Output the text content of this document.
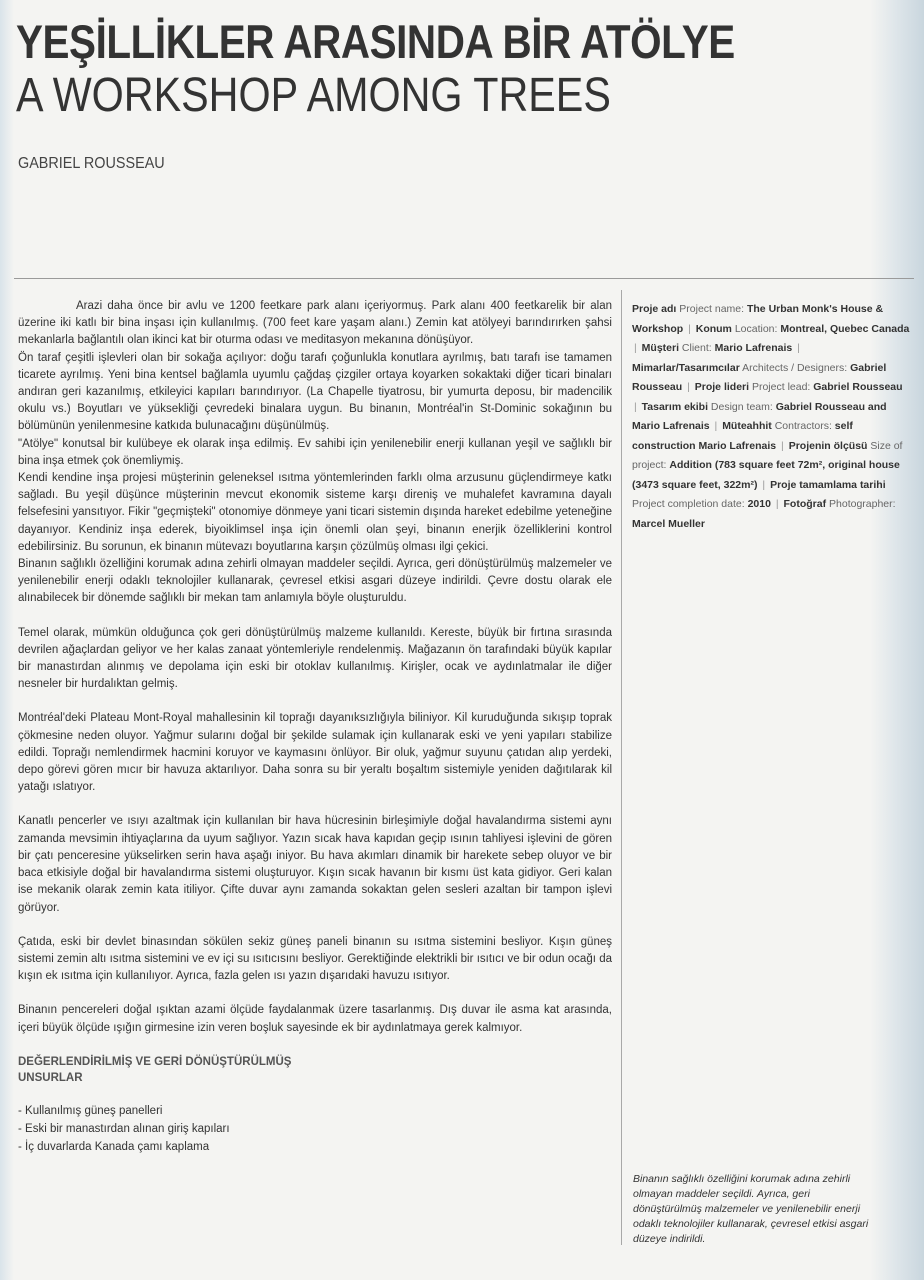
YEŞİLLİKLER ARASINDA BİR ATÖLYE
A WORKSHOP AMONG TREES
GABRIEL ROUSSEAU

Arazi daha önce bir avlu ve 1200 feetkare park alanı içeriyormuş. Park alanı 400 feetkarelik bir alan üzerine iki katlı bir bina inşası için kullanılmış. (700 feet kare yaşam alanı.) Zemin kat atölyeyi barındırırken şahsi mekanlarla bağlantılı olan ikinci kat bir oturma odası ve meditasyon mekanına dönüşüyor.

Ön taraf çeşitli işlevleri olan bir sokağa açılıyor: doğu tarafı çoğunlukla konutlara ayrılmış, batı tarafı ise tamamen ticarete ayrılmış. Yeni bina kentsel bağlamla uyumlu çağdaş çizgiler ortaya koyarken sokaktaki diğer ticari binaları andıran geri kazanılmış, etkileyici kapıları barındırıyor. (La Chapelle tiyatrosu, bir yumurta deposu, bir madencilik okulu vs.) Boyutları ve yüksekliği çevredeki binalara uygun. Bu binanın, Montréal'in St-Dominic sokağının bu bölümünün yenilenmesine katkıda bulunacağını düşünülmüş.

"Atölye" konutsal bir kulübeye ek olarak inşa edilmiş. Ev sahibi için yenilenebilir enerji kullanan yeşil ve sağlıklı bir bina inşa etmek çok önemliymiş.

Kendi kendine inşa projesi müşterinin geleneksel ısıtma yöntemlerinden farklı olma arzusunu güçlendirmeye katkı sağladı. Bu yeşil düşünce müşterinin mevcut ekonomik sisteme karşı direniş ve muhalefet kavramına dayalı felsefesini yansıtıyor. Fikir "geçmişteki" otonomiye dönmeye yani ticari sistemin dışında hareket edebilme yeteneğine dayanıyor. Kendiniz inşa ederek, biyoiklimsel inşa için önemli olan şeyi, binanın enerjik özelliklerini kontrol edebilirsiniz. Bu sorunun, ek binanın mütevazı boyutlarına karşın çözülmüş olması ilgi çekici.

Binanın sağlıklı özelliğini korumak adına zehirli olmayan maddeler seçildi. Ayrıca, geri dönüştürülmüş malzemeler ve yenilenebilir enerji odaklı teknolojiler kullanarak, çevresel etkisi asgari düzeye indirildi. Çevre dostu olarak ele alınabilecek bir dönemde sağlıklı bir mekan tam anlamıyla böyle oluşturuldu.

Temel olarak, mümkün olduğunca çok geri dönüştürülmüş malzeme kullanıldı. Kereste, büyük bir fırtına sırasında devrilen ağaçlardan geliyor ve her kalas zanaat yöntemleriyle rendelenmiş. Mağazanın ön tarafındaki büyük kapılar bir manastırdan alınmış ve depolama için eski bir otoklav kullanılmış. Kirişler, ocak ve aydınlatmalar ile diğer nesneler bir hurdalıktan gelmiş.

Montréal'deki Plateau Mont-Royal mahallesinin kil toprağı dayanıksızlığıyla biliniyor. Kil kuruduğunda sıkışıp toprak çökmesine neden oluyor. Yağmur sularını doğal bir şekilde sulamak için kullanarak eski ve yeni yapıları stabilize edildi. Toprağı nemlendirmek hacmini koruyor ve kaymasını önlüyor. Bir oluk, yağmur suyunu çatıdan alıp yerdeki, depo görevi gören mıcır bir havuza aktarılıyor. Daha sonra su bir yeraltı boşaltım sistemiyle yeniden dağıtılarak kil yatağı ıslatıyor.

Kanatlı pencerler ve ısıyı azaltmak için kullanılan bir hava hücresinin birleşimiyle doğal havalandırma sistemi aynı zamanda mevsimin ihtiyaçlarına da uyum sağlıyor. Yazın sıcak hava kapıdan geçip ısının tahliyesi işlevini de gören bir çatı penceresine yükselirken serin hava aşağı iniyor. Bu hava akımları dinamik bir harekete sebep oluyor ve bir baca etkisiyle doğal bir havalandırma sistemi oluşturuyor. Kışın sıcak havanın bir kısmı üst kata gidiyor. Geri kalan ise mekanik olarak zemin kata itiliyor. Çifte duvar aynı zamanda sokaktan gelen sesleri azaltan bir tampon işlevi görüyor.

Çatıda, eski bir devlet binasından sökülen sekiz güneş paneli binanın su ısıtma sistemini besliyor. Kışın güneş sistemi zemin altı ısıtma sistemini ve ev içi su ısıtıcısını besliyor. Gerektiğinde elektrikli bir ısıtıcı ve bir odun ocağı da kışın ek ısıtma için kullanılıyor. Ayrıca, fazla gelen ısı yazın dışarıdaki havuzu ısıtıyor.

Binanın pencereleri doğal ışıktan azami ölçüde faydalanmak üzere tasarlanmış. Dış duvar ile asma kat arasında, içeri büyük ölçüde ışığın girmesine izin veren boşluk sayesinde ek bir aydınlatmaya gerek kalmıyor.

DEĞERLENDİRİLMİŞ VE GERİ DÖNÜŞTÜRÜLMÜŞ
UNSURLAR
- Kullanılmış güneş panelleri
- Eski bir manastırdan alınan giriş kapıları
- İç duvarlarda Kanada çamı kaplama
Proje adı Project name: The Urban Monk's House & Workshop | Konum Location: Montreal, Quebec Canada | Müşteri Client: Mario Lafrenais | Mimarlar/Tasarımcılar Architects / Designers: Gabriel Rousseau | Proje lideri Project lead: Gabriel Rousseau | Tasarım ekibi Design team: Gabriel Rousseau and Mario Lafrenais | Müteahhit Contractors: self construction Mario Lafrenais | Projenin ölçüsü Size of project: Addition (783 square feet 72m², original house (3473 square feet, 322m²) | Proje tamamlama tarihi Project completion date: 2010 | Fotoğraf Photographer: Marcel Mueller
Binanın sağlıklı özelliğini korumak adına zehirli olmayan maddeler seçildi. Ayrıca, geri dönüştürülmüş malzemeler ve yenilenebilir enerji odaklı teknolojiler kullanarak, çevresel etkisi asgari düzeye indirildi.
